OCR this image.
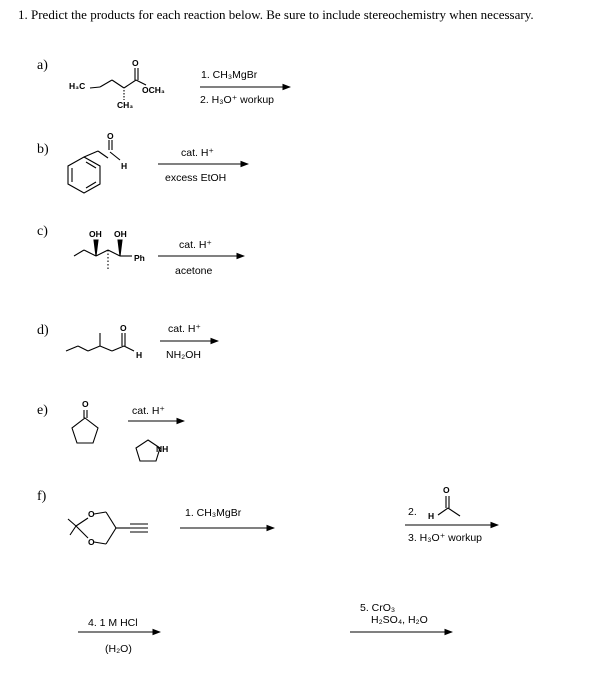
1. Predict the products for each reaction below. Be sure to include stereochemistry when necessary.
a)
b)
c)
d)
e)
f)
H₃C
O
OCH₃
CH₃
O
H
OH OH
Ph
O
H
O
NH
O
O
O
H
1. CH₃MgBr
2. H₃O⁺ workup
cat. H⁺
excess EtOH
cat. H⁺
acetone
cat. H⁺
NH₂OH
cat. H⁺
1. CH₃MgBr	2.
3. H₃O⁺ workup
4. 1 M HCl
(H₂O)
5. CrO₃
H₂SO₄, H₂O
